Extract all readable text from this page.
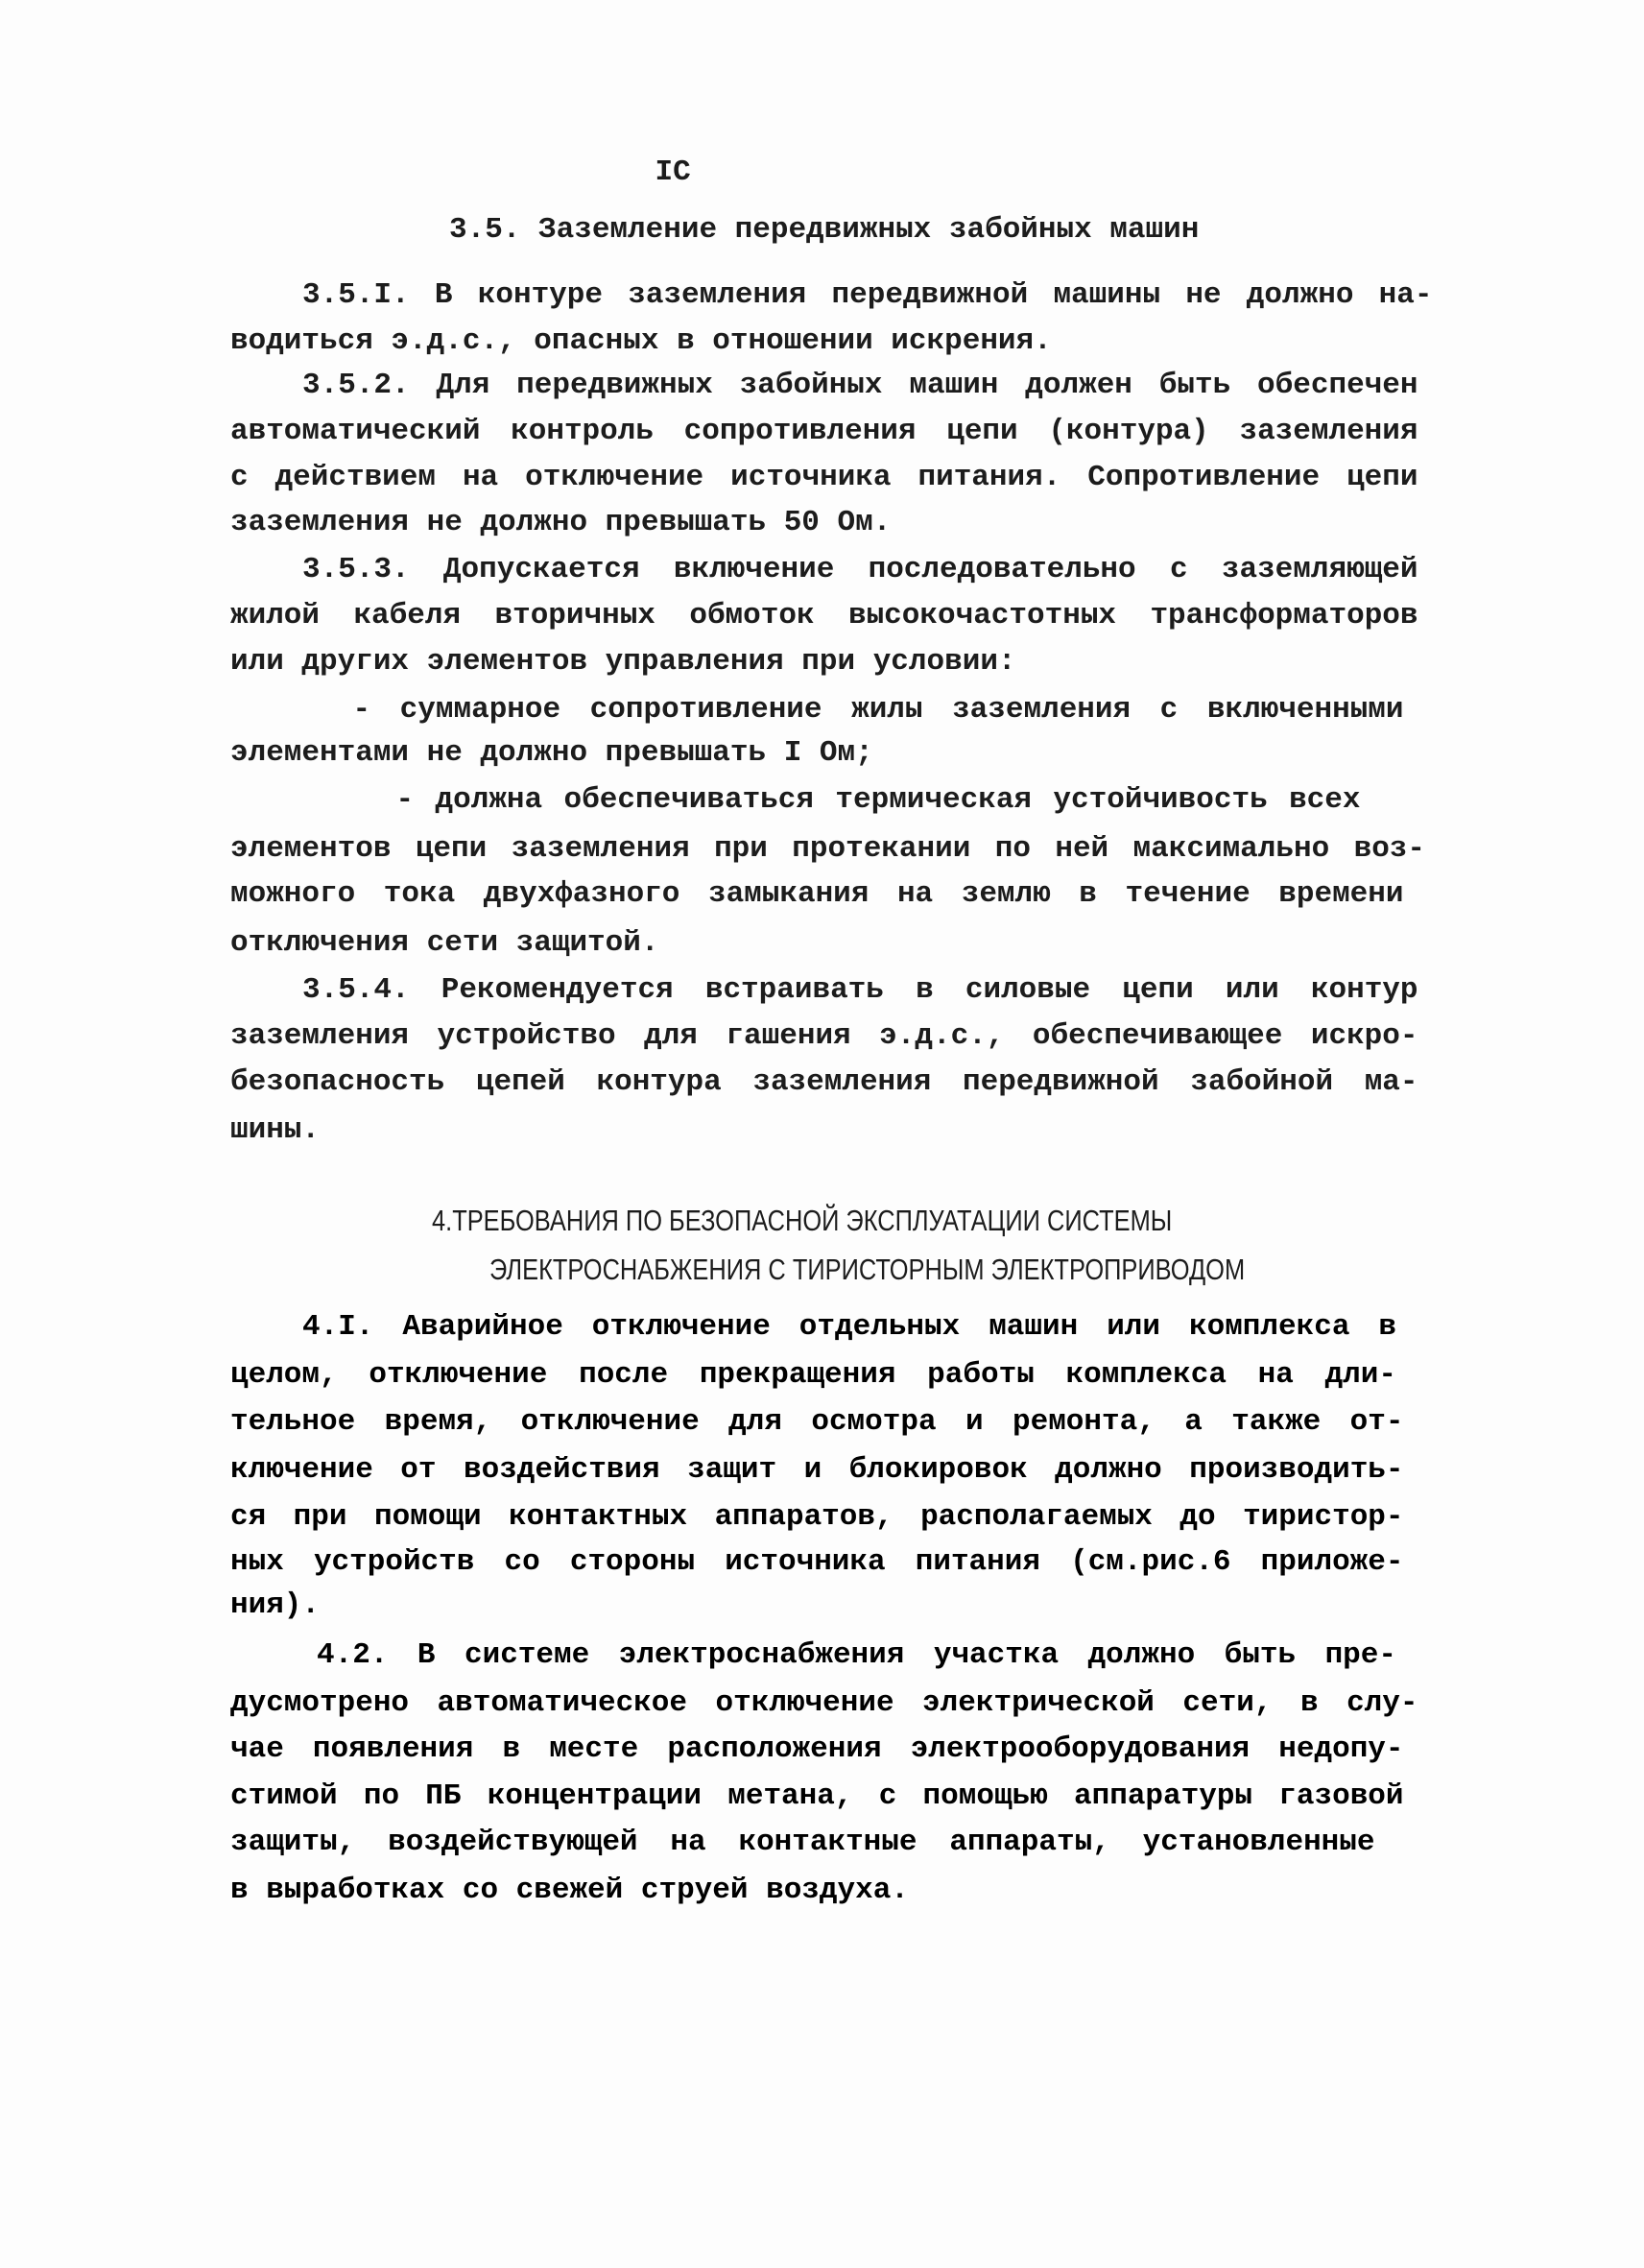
IC
3.5. Заземление передвижных забойных машин
4.ТРЕБОВАНИЯ ПО БЕЗОПАСНОЙ ЭКСПЛУАТАЦИИ СИСТЕМЫ
ЭЛЕКТРОСНАБЖЕНИЯ С ТИРИСТОРНЫМ ЭЛЕКТРОПРИВОДОМ
3.5.I. В контуре заземления передвижной машины не должно на-
водиться э.д.с., опасных в отношении искрения.
3.5.2. Для передвижных забойных машин должен быть обеспечен
автоматический контроль сопротивления цепи (контура) заземления
с действием на отключение источника питания. Сопротивление цепи
заземления не должно превышать 50 Ом.
3.5.3. Допускается включение последовательно с заземляющей
жилой кабеля вторичных обмоток высокочастотных трансформаторов
или других элементов управления при условии:
- суммарное сопротивление жилы заземления с включенными
элементами не должно превышать I Ом;
- должна обеспечиваться термическая устойчивость всех
элементов цепи заземления при протекании по ней максимально воз-
можного тока двухфазного замыкания на землю в течение времени
отключения сети защитой.
3.5.4. Рекомендуется встраивать в силовые цепи или контур
заземления устройство для гашения э.д.с., обеспечивающее искро-
безопасность цепей контура заземления передвижной забойной ма-
шины.
4.I. Аварийное отключение отдельных машин или комплекса в
целом, отключение после прекращения работы комплекса на дли-
тельное время, отключение для осмотра и ремонта, а также от-
ключение от воздействия защит и блокировок должно производить-
ся при помощи контактных аппаратов, располагаемых до тиристор-
ных устройств со стороны источника питания (см.рис.6 приложе-
ния).
4.2. В системе электроснабжения участка должно быть пре-
дусмотрено автоматическое отключение электрической сети, в слу-
чае появления в месте расположения электрооборудования недопу-
стимой по ПБ концентрации метана, с помощью аппаратуры газовой
защиты, воздействующей на контактные аппараты, установленные
в выработках со свежей струей воздуха.
